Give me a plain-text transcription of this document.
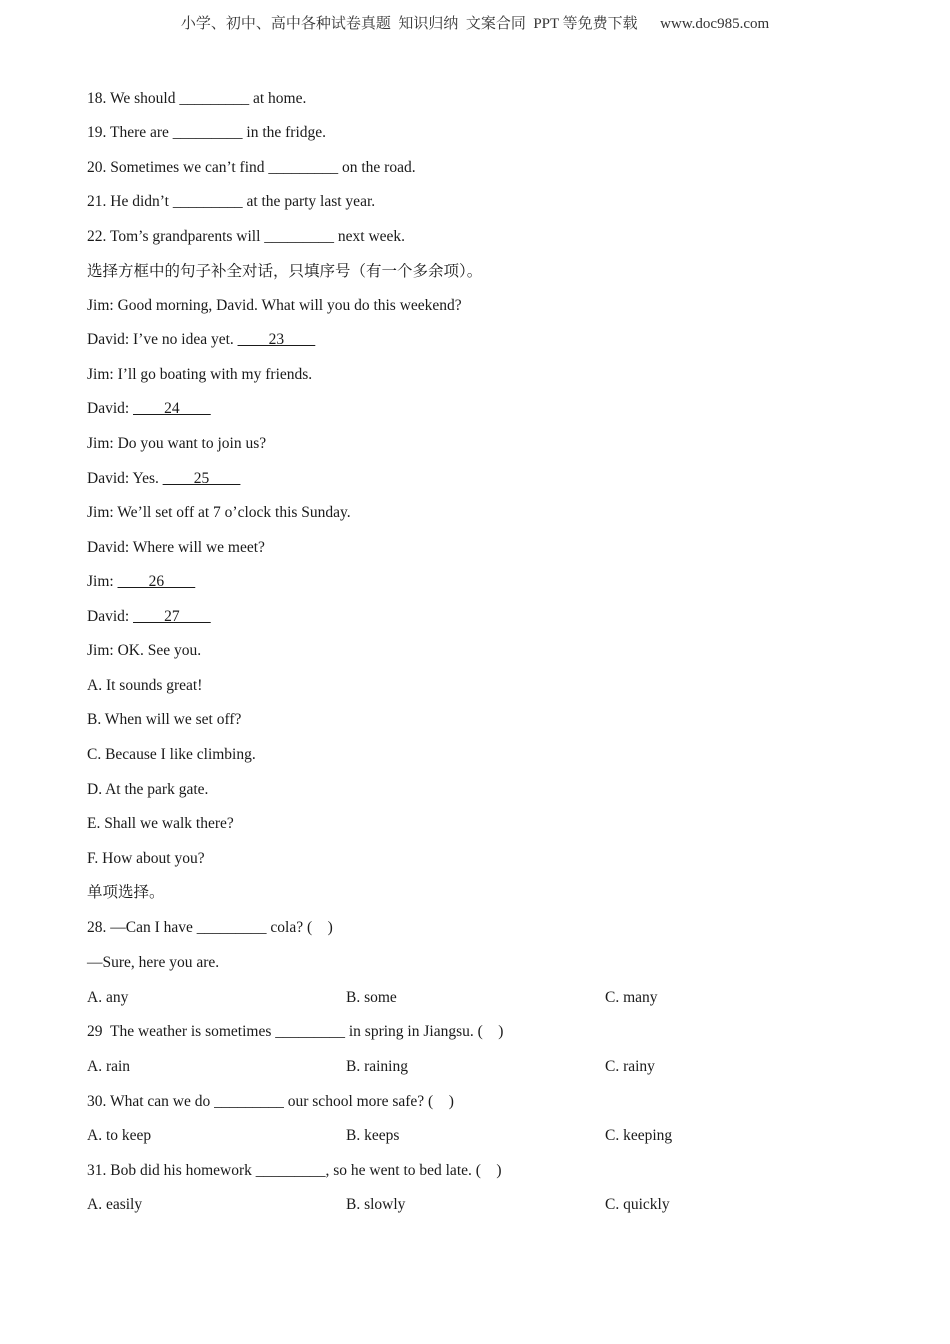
小学、初中、高中各种试卷真题  知识归纳  文案合同  PPT 等免费下载      www.doc985.com
18. We should _________ at home.
19. There are _________ in the fridge.
20. Sometimes we can’t find _________ on the road.
21. He didn’t _________ at the party last year.
22. Tom’s grandparents will _________ next week.
选择方框中的句子补全对话，只填序号（有一个多余项）。
Jim: Good morning, David. What will you do this weekend?
David: I’ve no idea yet. ____23____
Jim: I’ll go boating with my friends.
David: ____24____
Jim: Do you want to join us?
David: Yes. ____25____
Jim: We’ll set off at 7 o’clock this Sunday.
David: Where will we meet?
Jim: ____26____
David: ____27____
Jim: OK. See you.
A. It sounds great!
B. When will we set off?
C. Because I like climbing.
D. At the park gate.
E. Shall we walk there?
F. How about you?
单项选择。
28. —Can I have _________ cola? (    )
—Sure, here you are.
A. any	B. some	C. many
29  The weather is sometimes _________ in spring in Jiangsu. (    )
A. rain	B. raining	C. rainy
30. What can we do _________ our school more safe? (    )
A. to keep	B. keeps	C. keeping
31. Bob did his homework _________, so he went to bed late. (    )
A. easily	B. slowly	C. quickly
